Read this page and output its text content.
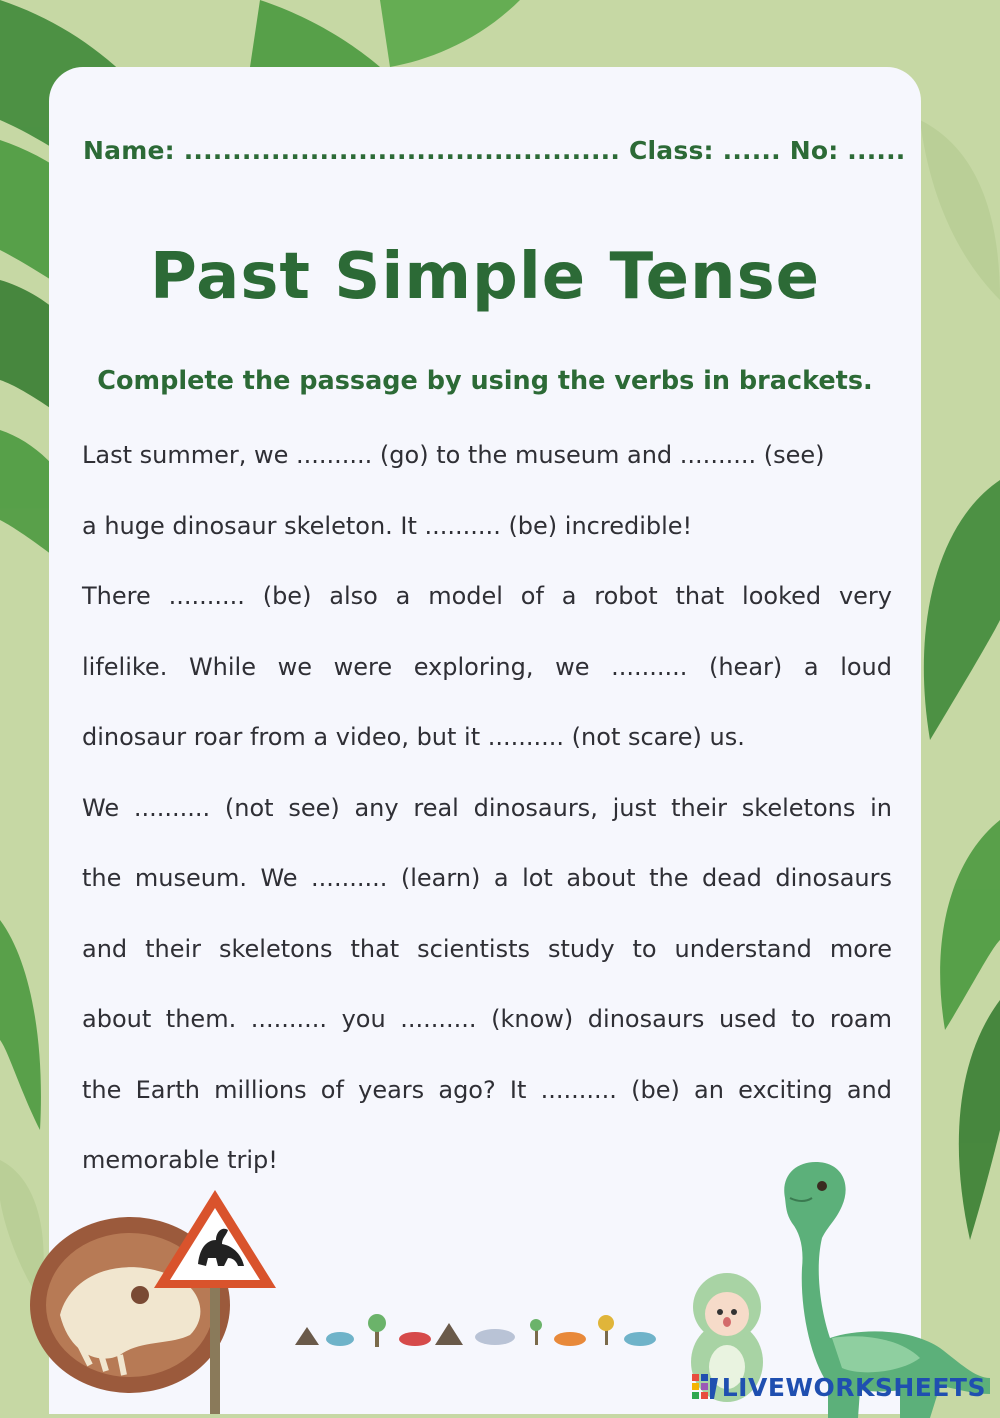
Name: ............................................. Class: ...... No: ......
Past Simple Tense
Complete the passage by using the verbs in brackets.
Last summer, we .......... (go) to the museum and .......... (see)
a huge dinosaur skeleton. It .......... (be) incredible!
There .......... (be) also a model of a robot that looked very
lifelike. While we were exploring, we .......... (hear) a loud
dinosaur roar from a video, but it .......... (not scare) us.
We .......... (not see) any real dinosaurs, just their skeletons in
the museum. We .......... (learn) a lot about the dead dinosaurs
and their skeletons that scientists study to understand more
about them. .......... you .......... (know) dinosaurs used to roam
the Earth millions of years ago? It .......... (be) an exciting and
memorable trip!
LIVEWORKSHEETS
